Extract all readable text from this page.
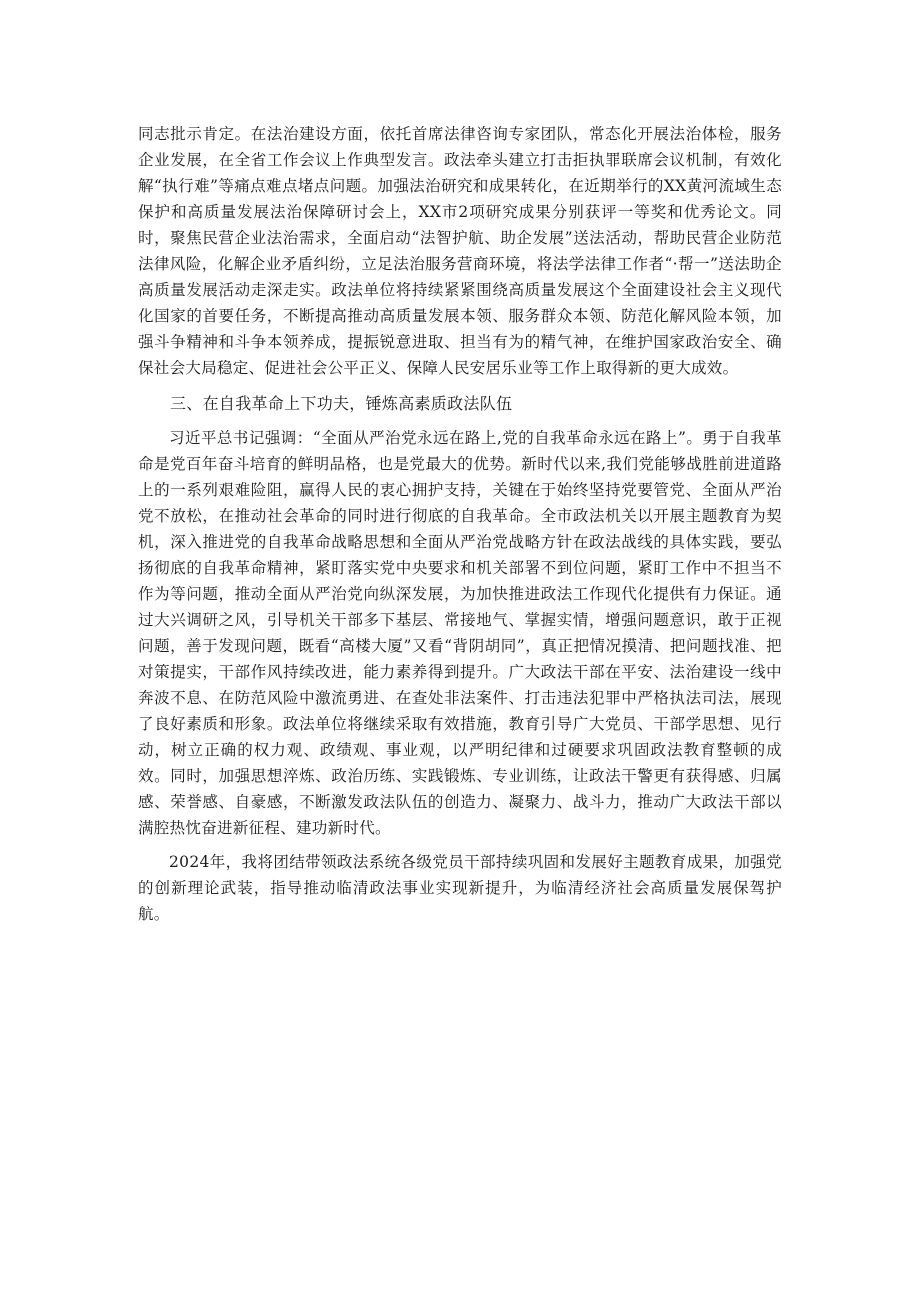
同志批示肯定。在法治建设方面，依托首席法律咨询专家团队，常态化开展法治体检，服务企业发展，在全省工作会议上作典型发言。政法牵头建立打击拒执罪联席会议机制，有效化解“执行难”等痛点难点堵点问题。加强法治研究和成果转化，在近期举行的XX黄河流域生态保护和高质量发展法治保障研讨会上，XX市2项研究成果分别获评一等奖和优秀论文。同时，聚焦民营企业法治需求，全面启动“法智护航、助企发展”送法活动，帮助民营企业防范法律风险，化解企业矛盾纠纷，立足法治服务营商环境，将法学法律工作者“·帮一”送法助企高质量发展活动走深走实。政法单位将持续紧紧围绕高质量发展这个全面建设社会主义现代化国家的首要任务，不断提高推动高质量发展本领、服务群众本领、防范化解风险本领，加强斗争精神和斗争本领养成，提振锐意进取、担当有为的精气神，在维护国家政治安全、确保社会大局稳定、促进社会公平正义、保障人民安居乐业等工作上取得新的更大成效。

三、在自我革命上下功夫，锤炼高素质政法队伍

习近平总书记强调：“全面从严治党永远在路上,党的自我革命永远在路上”。勇于自我革命是党百年奋斗培育的鲜明品格，也是党最大的优势。新时代以来,我们党能够战胜前进道路上的一系列艰难险阻，赢得人民的衷心拥护支持，关键在于始终坚持党要管党、全面从严治党不放松，在推动社会革命的同时进行彻底的自我革命。全市政法机关以开展主题教育为契机，深入推进党的自我革命战略思想和全面从严治党战略方针在政法战线的具体实践，要弘扬彻底的自我革命精神，紧盯落实党中央要求和机关部署不到位问题，紧盯工作中不担当不作为等问题，推动全面从严治党向纵深发展，为加快推进政法工作现代化提供有力保证。通过大兴调研之风，引导机关干部多下基层、常接地气、掌握实情，增强问题意识，敢于正视问题，善于发现问题，既看“高楼大厦”又看“背阴胡同”，真正把情况摸清、把问题找准、把对策提实，干部作风持续改进，能力素养得到提升。广大政法干部在平安、法治建设一线中奔波不息、在防范风险中激流勇进、在查处非法案件、打击违法犯罪中严格执法司法，展现了良好素质和形象。政法单位将继续采取有效措施，教育引导广大党员、干部学思想、见行动，树立正确的权力观、政绩观、事业观，以严明纪律和过硬要求巩固政法教育整顿的成效。同时，加强思想淬炼、政治历练、实践锻炼、专业训练，让政法干警更有获得感、归属感、荣誉感、自豪感，不断激发政法队伍的创造力、凝聚力、战斗力，推动广大政法干部以满腔热忱奋进新征程、建功新时代。

2024年，我将团结带领政法系统各级党员干部持续巩固和发展好主题教育成果，加强党的创新理论武装，指导推动临清政法事业实现新提升，为临清经济社会高质量发展保驾护航。
